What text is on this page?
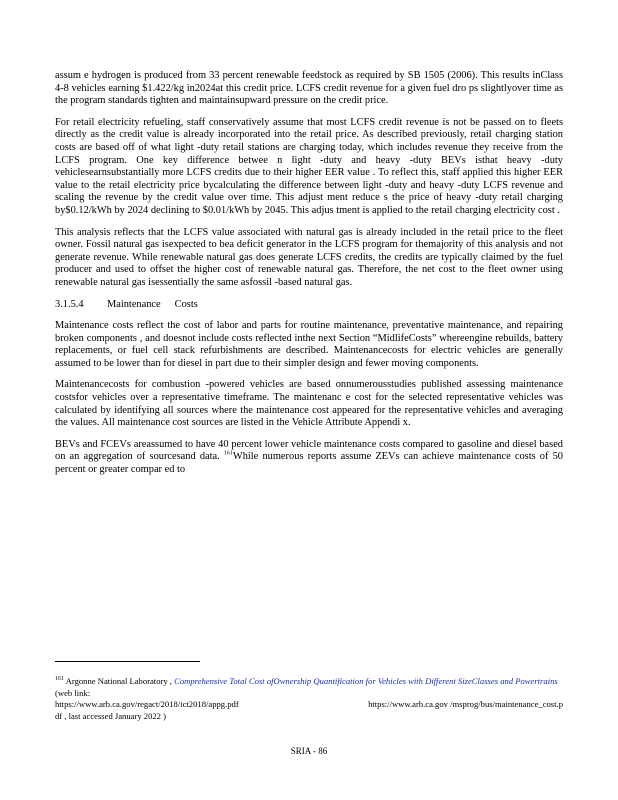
assum e hydrogen is produced from 33 percent renewable feedstock as required by SB 1505 (2006). This results inClass 4-8 vehicles earning $1.422/kg in2024at this credit price. LCFS credit revenue for a given fuel dro ps slightlyover time as the program standards tighten and maintainsupward pressure on the credit price.

For retail electricity refueling, staff conservatively assume that most LCFS credit revenue is not be passed on to fleets directly as the credit value is already incorporated into the retail price. As described previously, retail charging station costs are based off of what light -duty retail stations are charging today, which includes revenue they receive from the LCFS program. One key difference betwee n light -duty and heavy -duty BEVs isthat heavy -duty vehiclesearnsubstantially more LCFS credits due to their higher EER value . To reflect this, staff applied this higher EER value to the retail electricity price bycalculating the difference between light -duty and heavy -duty LCFS revenue and scaling the revenue by the credit value over time. This adjust ment reduce s the price of heavy -duty retail charging by$0.12/kWh by 2024 declining to $0.01/kWh by 2045. This adjus tment is applied to the retail charging electricity cost .

This analysis reflects that the LCFS value associated with natural gas is already included in the retail price to the fleet owner. Fossil natural gas isexpected to bea deficit generator in the LCFS program for themajority of this analysis and not generate revenue. While renewable natural gas does generate LCFS credits, the credits are typically claimed by the fuel producer and used to offset the higher cost of renewable natural gas. Therefore, the net cost to the fleet owner using renewable natural gas isessentially the same asfossil -based natural gas.

3.1.5.4 Maintenance Costs

Maintenance costs reflect the cost of labor and parts for routine maintenance, preventative maintenance, and repairing broken components , and doesnot include costs reflected inthe next Section “MidlifeCosts” whereengine rebuilds, battery replacements, or fuel cell stack refurbishments are described. Maintenancecosts for electric vehicles are generally assumed to be lower than for diesel in part due to their simpler design and fewer moving components.

Maintenancecosts for combustion -powered vehicles are based onnumerousstudies published assessing maintenance costsfor vehicles over a representative timeframe. The maintenanc e cost for the selected representative vehicles was calculated by identifying all sources where the maintenance cost appeared for the representative vehicles and averaging the values. All maintenance cost sources are listed in the Vehicle Attribute Appendi x.

BEVs and FCEVs areassumed to have 40 percent lower vehicle maintenance costs compared to gasoline and diesel based on an aggregation of sourcesand data. $^{161}$While numerous reports assume ZEVs can achieve maintenance costs of 50 percent or greater compar ed to

$^{161}$ Argonne National Laboratory , Comprehensive Total Cost ofOwnership Quantification for Vehicles with Different SizeClasses and Powertrains (web link:
https://www.arb.ca.gov/regact/2018/ict2018/appg.pdf	https://www.arb.ca.gov /msprog/bus/maintenance_cost.p
df , last accessed January 2022 )
SRIA - 86
